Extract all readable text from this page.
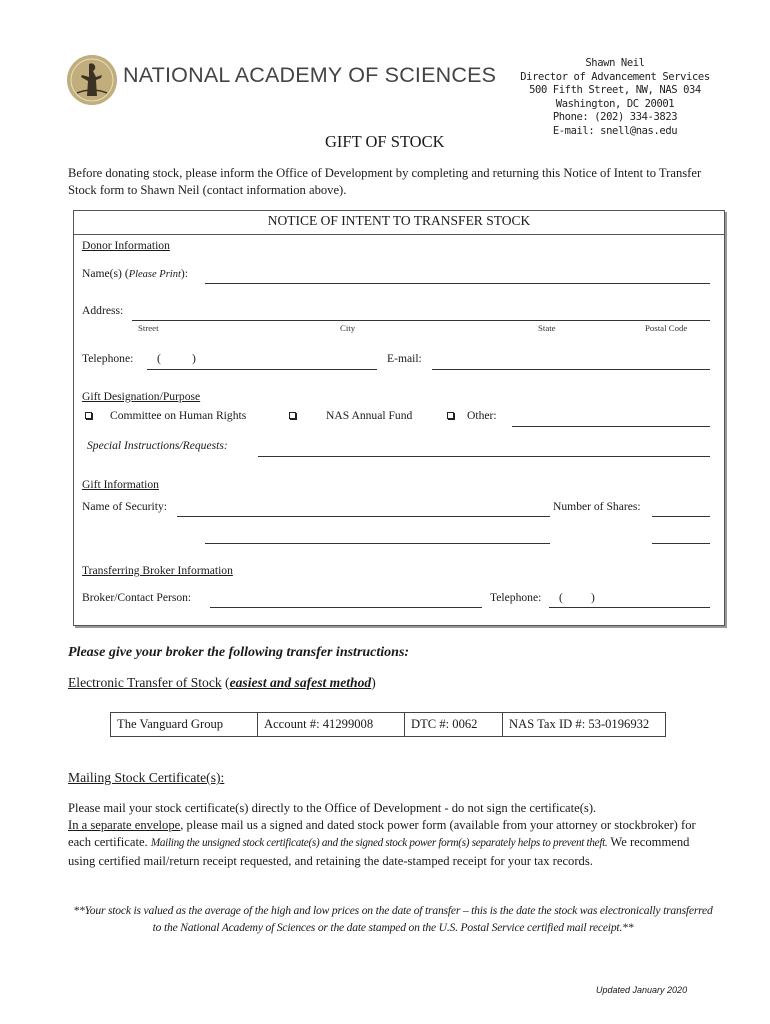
NATIONAL ACADEMY OF SCIENCES	Shawn Neil
Director of Advancement Services
500 Fifth Street, NW, NAS 034
Washington, DC 20001
Phone: (202) 334-3823
E-mail: snell@nas.edu
GIFT OF STOCK
Before donating stock, please inform the Office of Development by completing and returning this Notice of Intent to Transfer Stock form to Shawn Neil (contact information above).
NOTICE OF INTENT TO TRANSFER STOCK
Donor Information
Name(s) (Please Print):
Address:
Street	City	State	Postal Code
Telephone: (	)	E-mail:
Gift Designation/Purpose
Committee on Human Rights	NAS Annual Fund	Other:
Special Instructions/Requests:
Gift Information
Name of Security:	Number of Shares:
Transferring Broker Information
Broker/Contact Person:	Telephone: ( )
Please give your broker the following transfer instructions:
Electronic Transfer of Stock (easiest and safest method)
The Vanguard Group	Account #: 41299008	DTC #: 0062	NAS Tax ID #: 53-0196932
Mailing Stock Certificate(s):
Please mail your stock certificate(s) directly to the Office of Development - do not sign the certificate(s).
In a separate envelope, please mail us a signed and dated stock power form (available from your attorney or stockbroker) for each certificate. Mailing the unsigned stock certificate(s) and the signed stock power form(s) separately helps to prevent theft. We recommend using certified mail/return receipt requested, and retaining the date-stamped receipt for your tax records.
**Your stock is valued as the average of the high and low prices on the date of transfer – this is the date the stock was electronically transferred to the National Academy of Sciences or the date stamped on the U.S. Postal Service certified mail receipt.**
Updated January 2020
